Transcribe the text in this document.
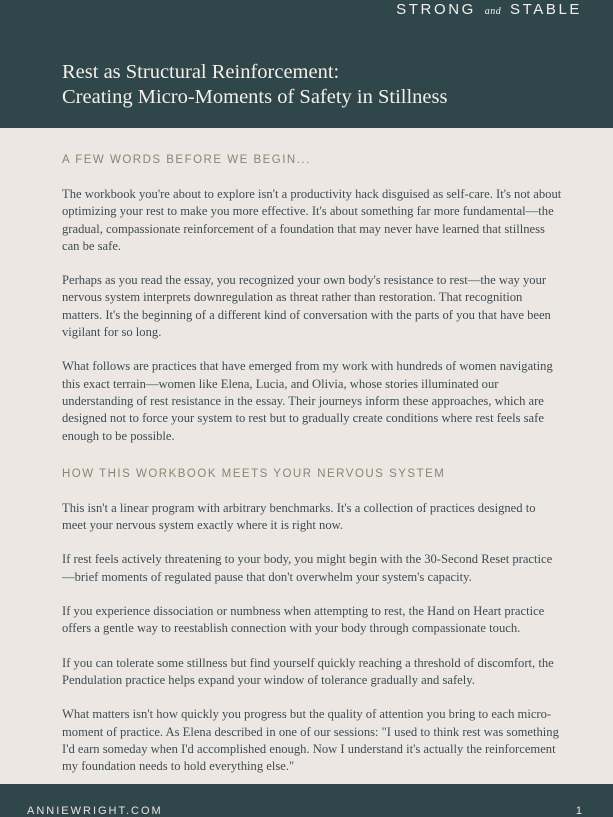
STRONG and STABLE
Rest as Structural Reinforcement:
Creating Micro-Moments of Safety in Stillness
A FEW WORDS BEFORE WE BEGIN...

The workbook you're about to explore isn't a productivity hack disguised as self-care. It's not about optimizing your rest to make you more effective. It's about something far more fundamental—the gradual, compassionate reinforcement of a foundation that may never have learned that stillness can be safe.

Perhaps as you read the essay, you recognized your own body's resistance to rest—the way your nervous system interprets downregulation as threat rather than restoration. That recognition matters. It's the beginning of a different kind of conversation with the parts of you that have been vigilant for so long.

What follows are practices that have emerged from my work with hundreds of women navigating this exact terrain—women like Elena, Lucia, and Olivia, whose stories illuminated our understanding of rest resistance in the essay. Their journeys inform these approaches, which are designed not to force your system to rest but to gradually create conditions where rest feels safe enough to be possible.

HOW THIS WORKBOOK MEETS YOUR NERVOUS SYSTEM

This isn't a linear program with arbitrary benchmarks. It's a collection of practices designed to meet your nervous system exactly where it is right now.

If rest feels actively threatening to your body, you might begin with the 30-Second Reset practice—brief moments of regulated pause that don't overwhelm your system's capacity.

If you experience dissociation or numbness when attempting to rest, the Hand on Heart practice offers a gentle way to reestablish connection with your body through compassionate touch.

If you can tolerate some stillness but find yourself quickly reaching a threshold of discomfort, the Pendulation practice helps expand your window of tolerance gradually and safely.

What matters isn't how quickly you progress but the quality of attention you bring to each micro-moment of practice. As Elena described in one of our sessions: "I used to think rest was something I'd earn someday when I'd accomplished enough. Now I understand it's actually the reinforcement my foundation needs to hold everything else."

ANNIEWRIGHT.COM	1
